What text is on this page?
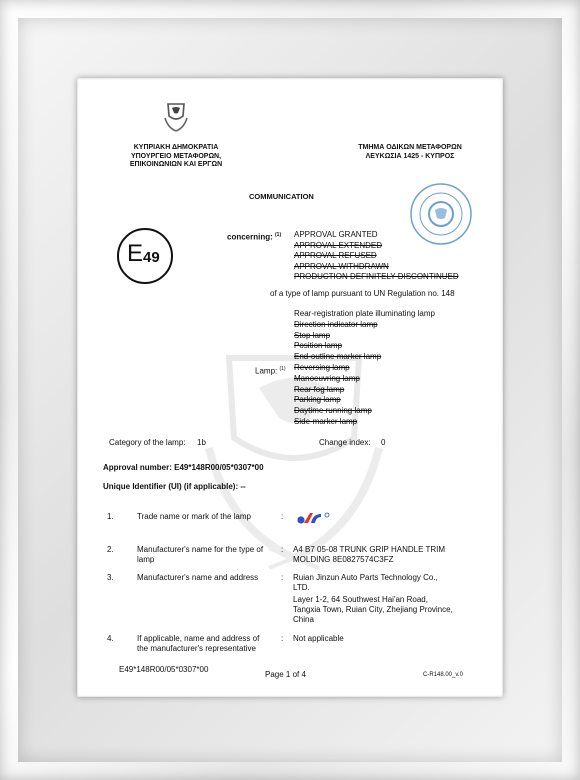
ΚΥΠΡΙΑΚΗ ΔΗΜΟΚΡΑΤΙΑ
ΥΠΟΥΡΓΕΙΟ ΜΕΤΑΦΟΡΩΝ,
ΕΠΙΚΟΙΝΩΝΙΩΝ ΚΑΙ ΕΡΓΩΝ
ΤΜΗΜΑ ΟΔΙΚΩΝ ΜΕΤΑΦΟΡΩΝ
ΛΕΥΚΩΣΙΑ 1425 - ΚΥΠΡΟΣ
COMMUNICATION
E 49
concerning: $^{(1)}$ APPROVAL GRANTED
APPROVAL EXTENDED
APPROVAL REFUSED
APPROVAL WITHDRAWN
PRODUCTION DEFINITELY DISCONTINUED
of a type of lamp pursuant to UN Regulation no. 148
Rear-registration plate illuminating lamp
Direction indicator lamp
Stop lamp
Position lamp
End-outline marker lamp
Reversing lamp
Manoeuvring lamp
Rear fog lamp
Parking lamp
Daytime running lamp
Side-marker lamp
Lamp: $^{(1)}$
Category of the lamp: 1b	Change index: 0
Approval number: E49*148R00/05*0307*00
Unique Identifier (UI) (if applicable): --
1.	Trade name or mark of the lamp	:
2.	Manufacturer's name for the type of
lamp
: A4 B7 05-08 TRUNK GRIP HANDLE TRIM
MOLDING 8E0827574C3FZ
3.	Manufacturer's name and address	: Ruian Jinzun Auto Parts Technology Co.,
LTD.
Layer 1-2, 64 Southwest Hai'an Road,
Tangxia Town, Ruian City, Zhejiang Province,
China
4.	If applicable, name and address of
the manufacturer's representative
: Not applicable
E49*148R00/05*0307*00
Page 1 of 4	C-R148.00_v.0
